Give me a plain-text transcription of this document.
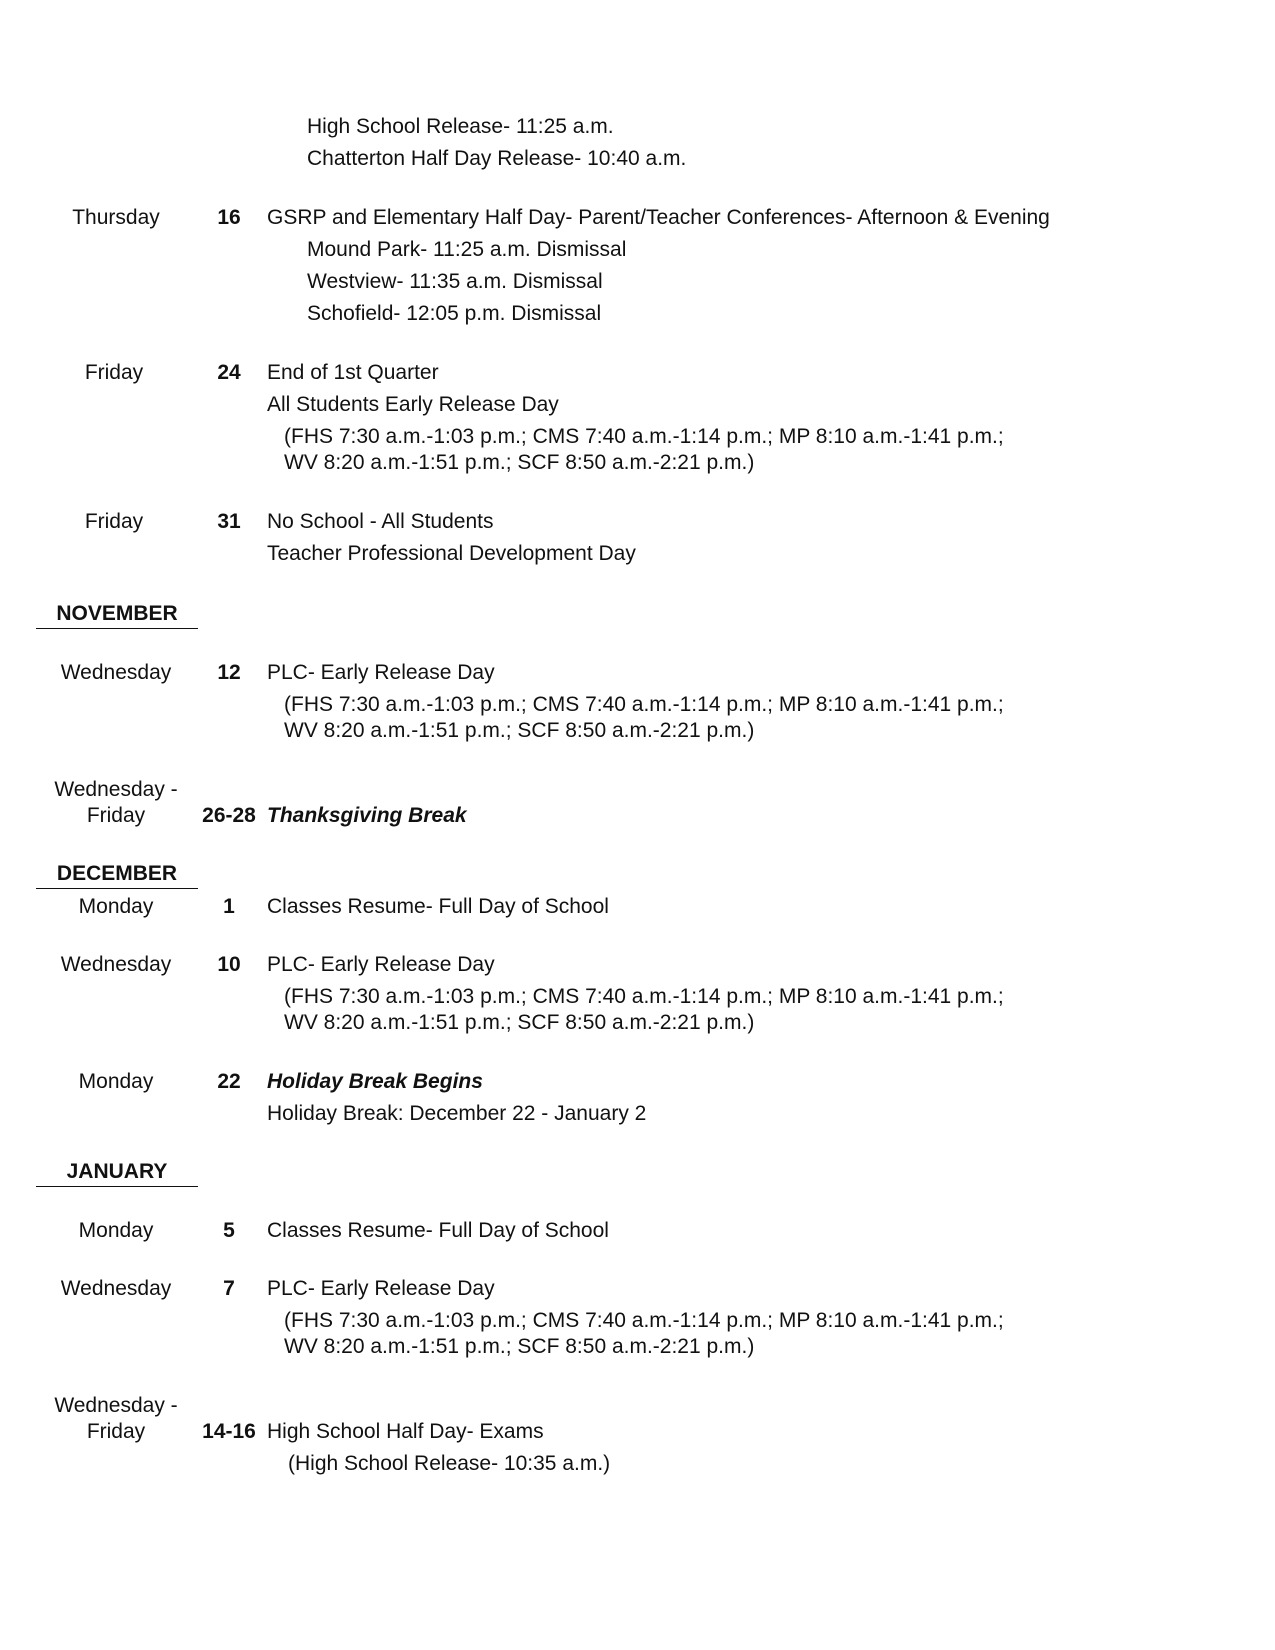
High School Release- 11:25 a.m.
Chatterton Half Day Release- 10:40 a.m.
Thursday	16	GSRP and Elementary Half Day- Parent/Teacher Conferences- Afternoon & Evening
Mound Park- 11:25 a.m. Dismissal
Westview- 11:35 a.m. Dismissal
Schofield- 12:05 p.m. Dismissal
Friday	24	End of 1st Quarter
All Students Early Release Day
(FHS 7:30 a.m.-1:03 p.m.; CMS 7:40 a.m.-1:14 p.m.; MP 8:10 a.m.-1:41 p.m.;
WV 8:20 a.m.-1:51 p.m.; SCF 8:50 a.m.-2:21 p.m.)
Friday	31	No School - All Students
Teacher Professional Development Day
NOVEMBER
Wednesday	12	PLC- Early Release Day
(FHS 7:30 a.m.-1:03 p.m.; CMS 7:40 a.m.-1:14 p.m.; MP 8:10 a.m.-1:41 p.m.;
WV 8:20 a.m.-1:51 p.m.; SCF 8:50 a.m.-2:21 p.m.)
Wednesday -
Friday	26-28 Thanksgiving Break
DECEMBER
Monday	1	Classes Resume- Full Day of School
Wednesday	10	PLC- Early Release Day
(FHS 7:30 a.m.-1:03 p.m.; CMS 7:40 a.m.-1:14 p.m.; MP 8:10 a.m.-1:41 p.m.;
WV 8:20 a.m.-1:51 p.m.; SCF 8:50 a.m.-2:21 p.m.)
Monday	22	Holiday Break Begins
Holiday Break: December 22 - January 2
JANUARY
Monday	5	Classes Resume- Full Day of School
Wednesday	7	PLC- Early Release Day
(FHS 7:30 a.m.-1:03 p.m.; CMS 7:40 a.m.-1:14 p.m.; MP 8:10 a.m.-1:41 p.m.;
WV 8:20 a.m.-1:51 p.m.; SCF 8:50 a.m.-2:21 p.m.)
Wednesday -
Friday	14-16 High School Half Day- Exams
(High School Release- 10:35 a.m.)
